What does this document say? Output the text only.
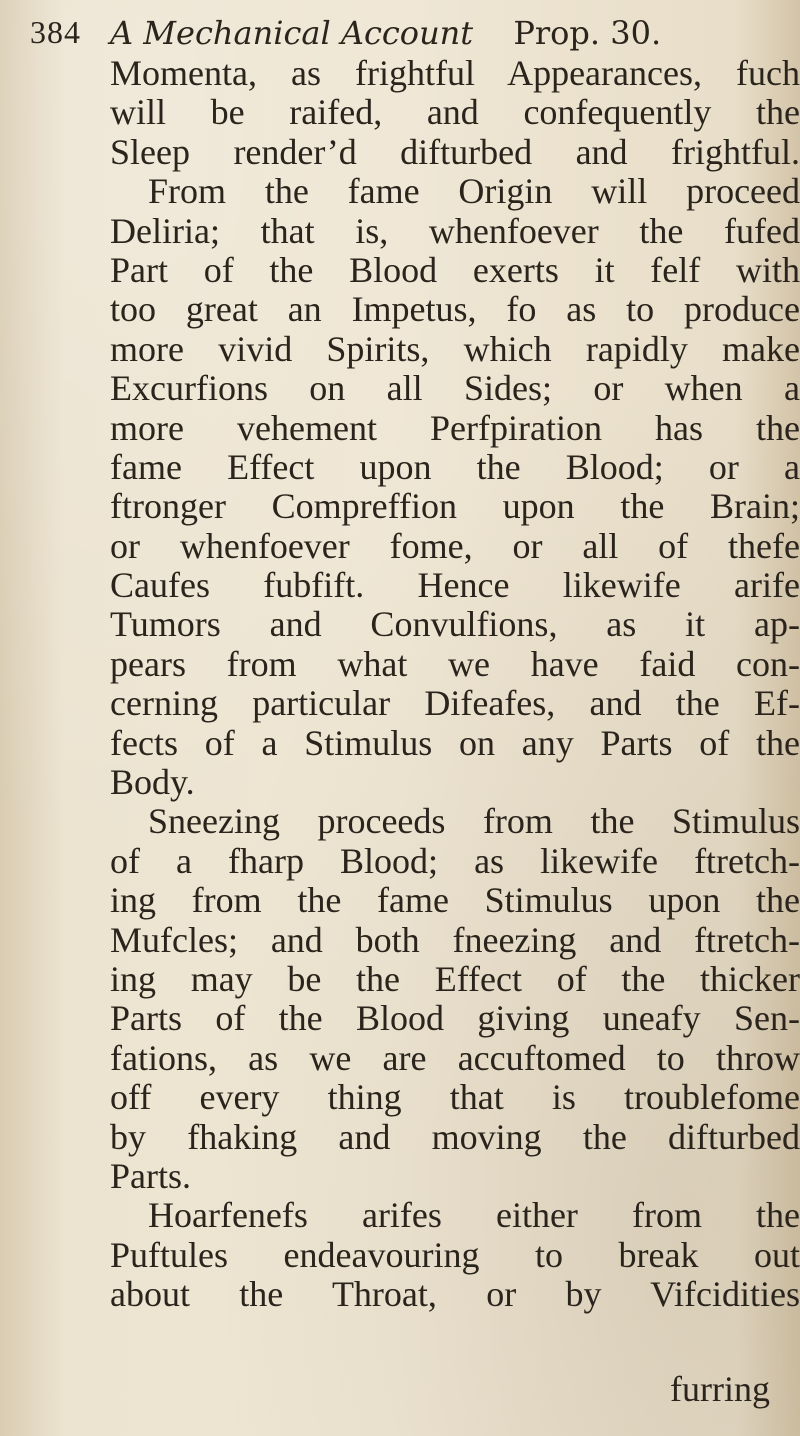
384 A Mechanical Account Prop. 30.
Momenta, as frightful Appearances, fuch
will be raifed, and confequently the
Sleep render’d difturbed and frightful.
From the fame Origin will proceed
Deliria; that is, whenfoever the fufed
Part of the Blood exerts it felf with
too great an Impetus, fo as to produce
more vivid Spirits, which rapidly make
Excurfions on all Sides; or when a
more vehement Perfpiration has the
fame Effect upon the Blood; or a
ftronger Compreffion upon the Brain;
or whenfoever fome, or all of thefe
Caufes fubfift. Hence likewife arife
Tumors and Convulfions, as it ap-
pears from what we have faid con-
cerning particular Difeafes, and the Ef-
fects of a Stimulus on any Parts of the
Body.
Sneezing proceeds from the Stimulus
of a fharp Blood; as likewife ftretch-
ing from the fame Stimulus upon the
Mufcles; and both fneezing and ftretch-
ing may be the Effect of the thicker
Parts of the Blood giving uneafy Sen-
fations, as we are accuftomed to throw
off every thing that is troublefome
by fhaking and moving the difturbed
Parts.
Hoarfenefs arifes either from the
Puftules endeavouring to break out
about the Throat, or by Vifcidities
furring
